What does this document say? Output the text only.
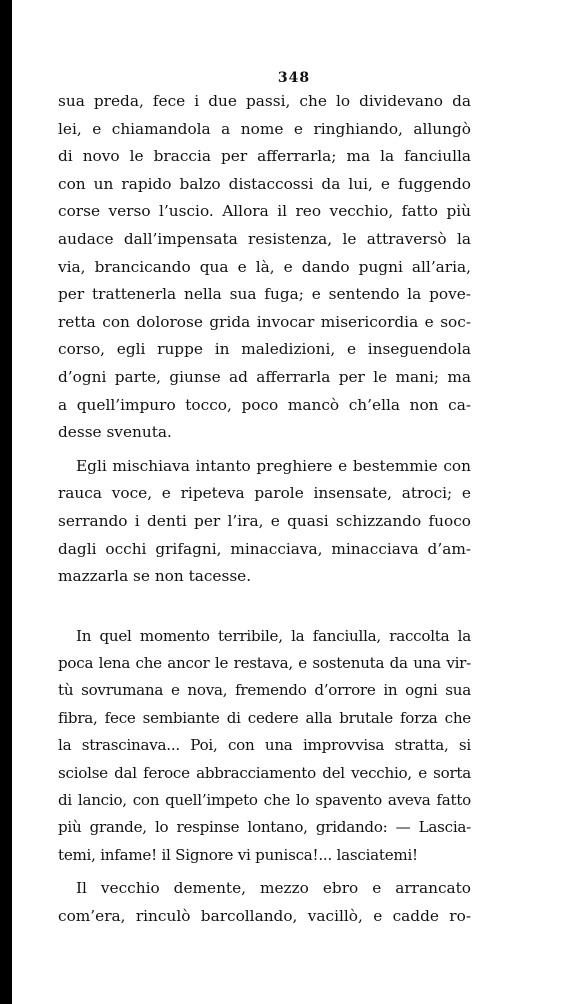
348
sua preda, fece i due passi, che lo dividevano da
lei, e chiamandola a nome e ringhiando, allungò
di novo le braccia per afferrarla; ma la fanciulla
con un rapido balzo distaccossi da lui, e fuggendo
corse verso l’uscio. Allora il reo vecchio, fatto più
audace dall’impensata resistenza, le attraversò la
via, brancicando qua e là, e dando pugni all’aria,
per trattenerla nella sua fuga; e sentendo la pove-
retta con dolorose grida invocar misericordia e soc-
corso, egli ruppe in maledizioni, e inseguendola
d’ogni parte, giunse ad afferrarla per le mani; ma
a quell’impuro tocco, poco mancò ch’ella non ca-
desse svenuta.
Egli mischiava intanto preghiere e bestemmie con
rauca voce, e ripeteva parole insensate, atroci; e
serrando i denti per l’ira, e quasi schizzando fuoco
dagli occhi grifagni, minacciava, minacciava d’am-
mazzarla se non tacesse.
In quel momento terribile, la fanciulla, raccolta la
poca lena che ancor le restava, e sostenuta da una vir-
tù sovrumana e nova, fremendo d’orrore in ogni sua
fibra, fece sembiante di cedere alla brutale forza che
la strascinava... Poi, con una improvvisa stratta, si
sciolse dal feroce abbracciamento del vecchio, e sorta
di lancio, con quell’impeto che lo spavento aveva fatto
più grande, lo respinse lontano, gridando: — Lascia-
temi, infame! il Signore vi punisca!... lasciatemi!
Il vecchio demente, mezzo ebro e arrancato
com’era, rinculò barcollando, vacillò, e cadde ro-
